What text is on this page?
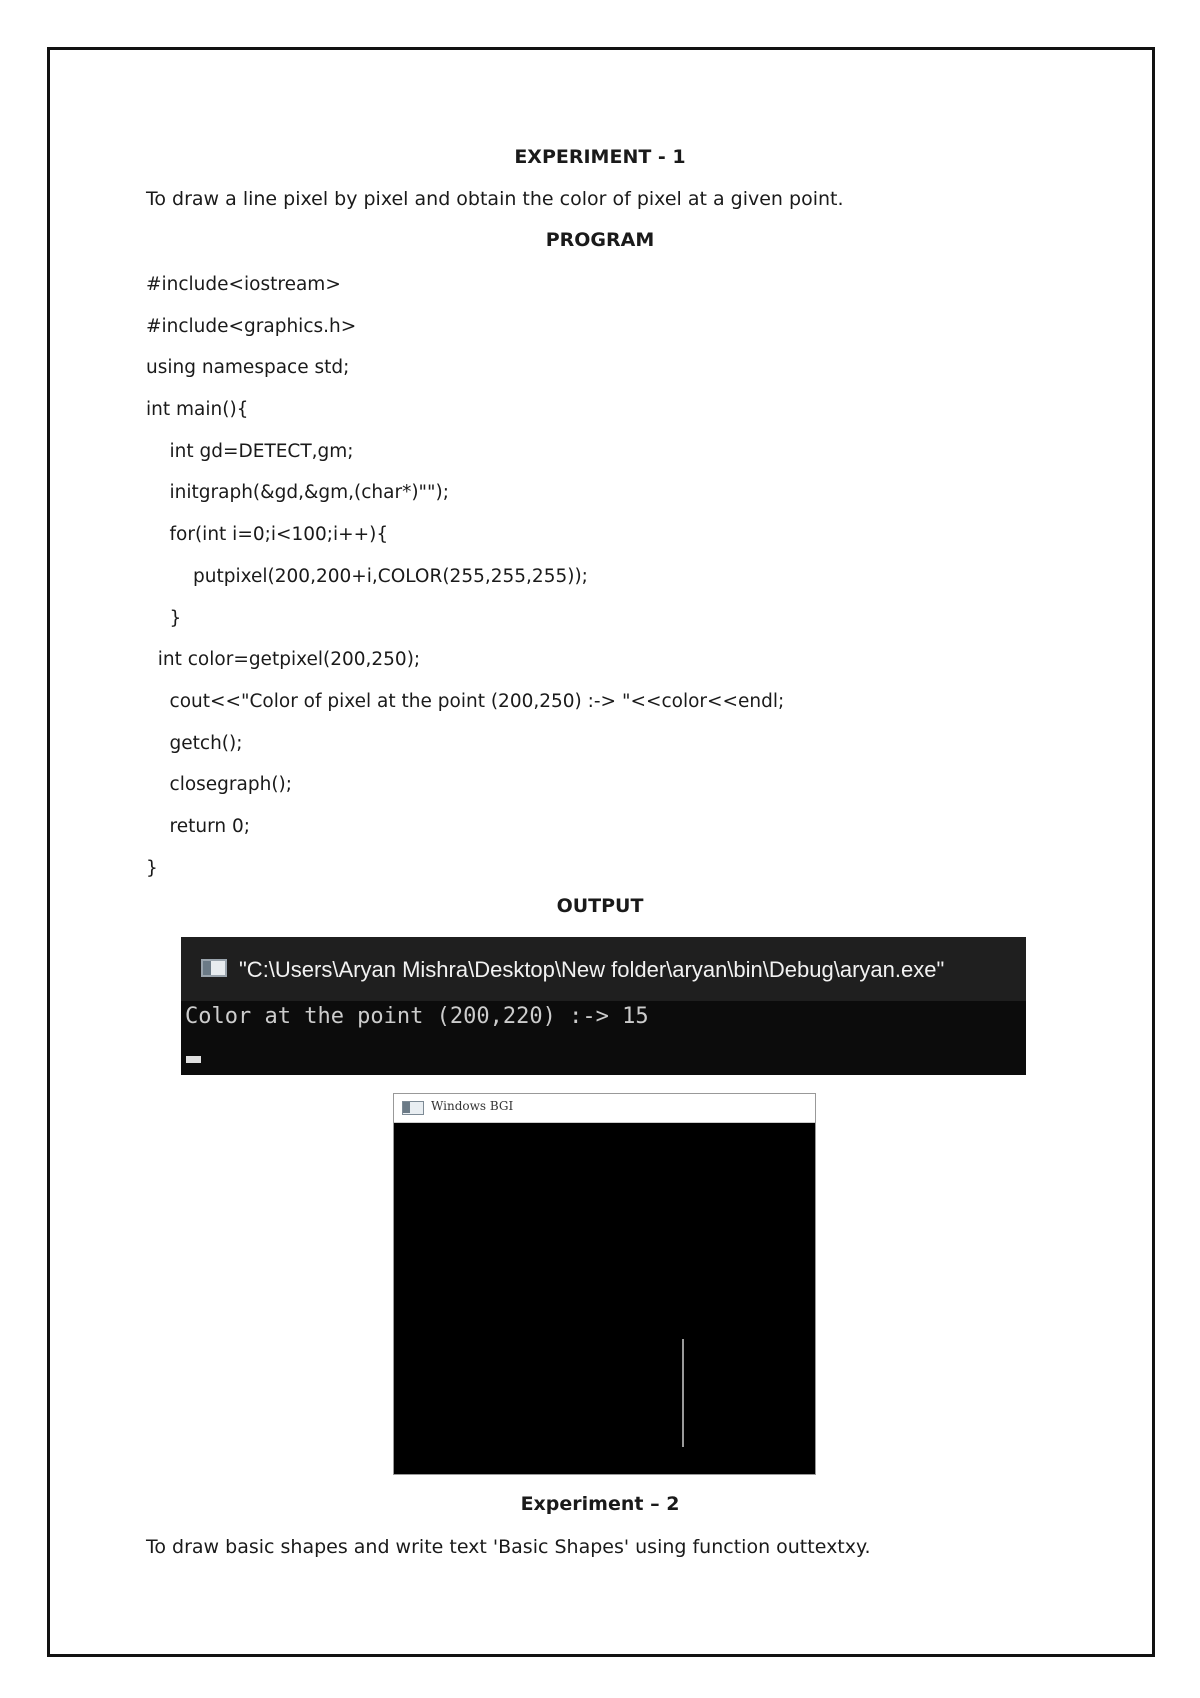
EXPERIMENT - 1
To draw a line pixel by pixel and obtain the color of pixel at a given point.
PROGRAM
#include<iostream>
#include<graphics.h>
using namespace std;
int main(){
int gd=DETECT,gm;
initgraph(&gd,&gm,(char*)"");
for(int i=0;i<100;i++){
putpixel(200,200+i,COLOR(255,255,255));
}
int color=getpixel(200,250);
cout<<"Color of pixel at the point (200,250) :-> "<<color<<endl;
getch();
closegraph();
return 0;
}
OUTPUT
"C:\Users\Aryan Mishra\Desktop\New folder\aryan\bin\Debug\aryan.exe"
Color at the point (200,220) :-> 15
Windows BGI
Experiment – 2
To draw basic shapes and write text 'Basic Shapes' using function outtextxy.
